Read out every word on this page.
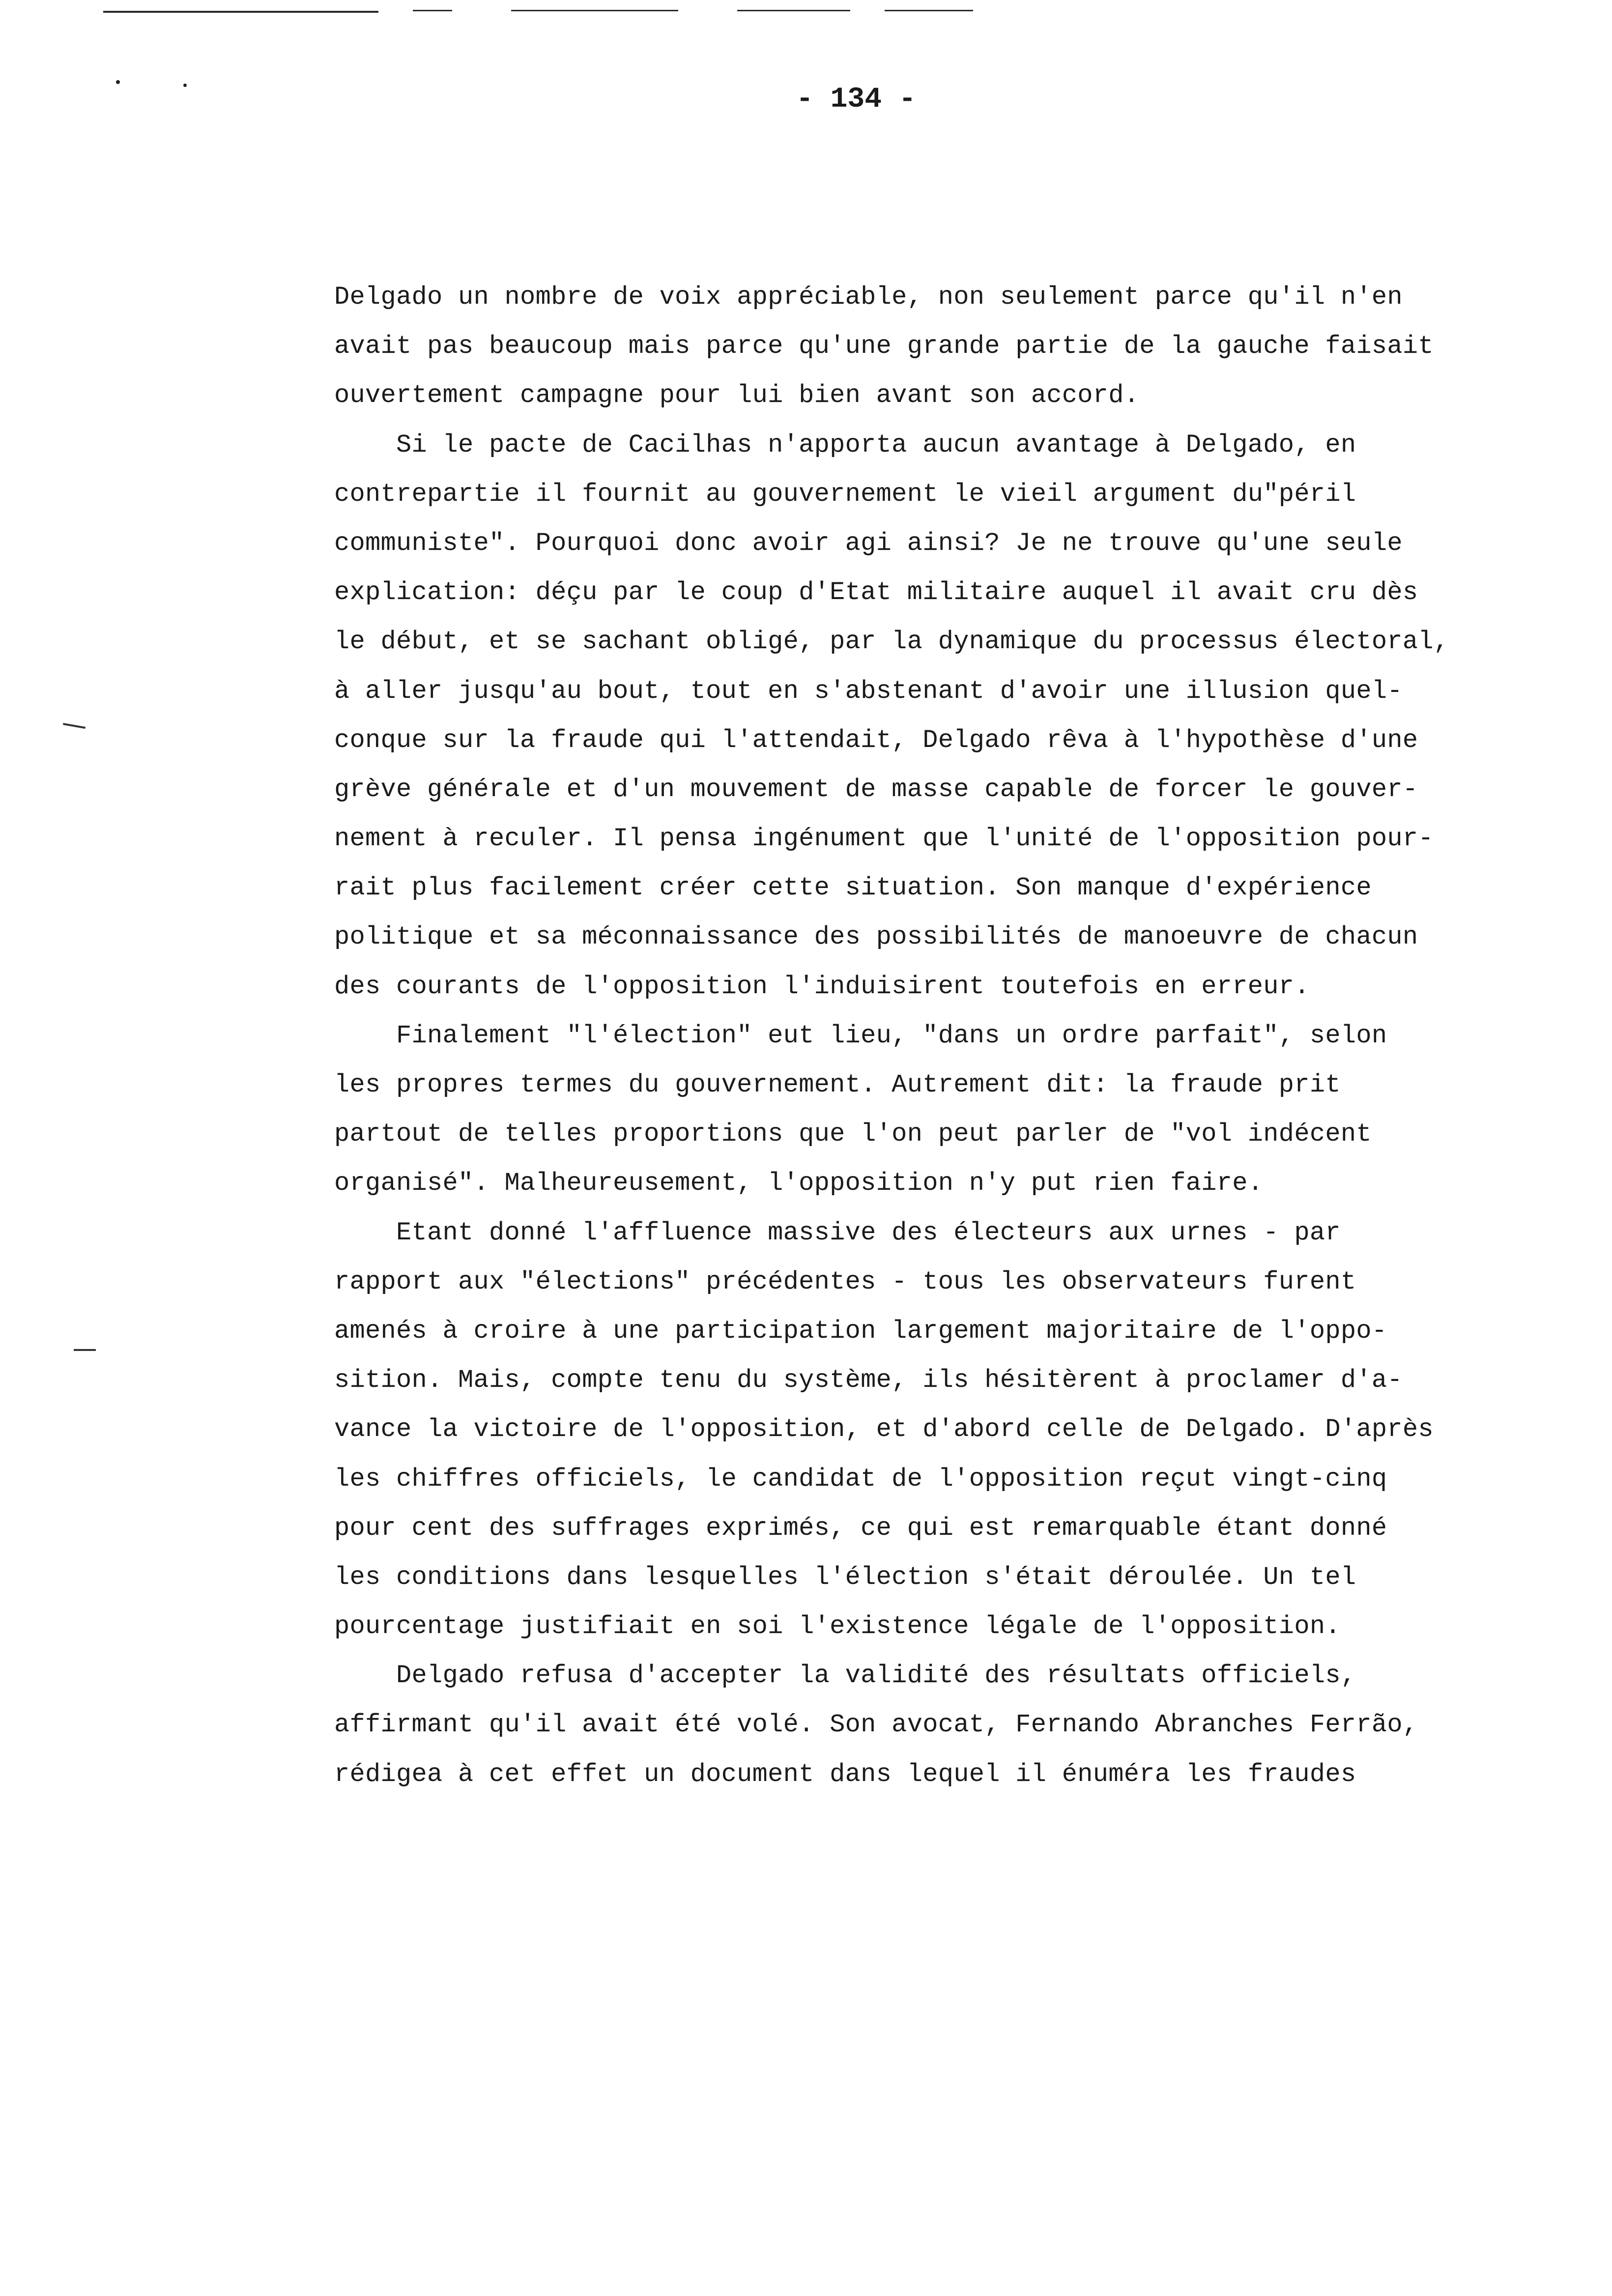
- 134 -
Delgado un nombre de voix appréciable, non seulement parce qu'il n'en
avait pas beaucoup mais parce qu'une grande partie de la gauche faisait
ouvertement campagne pour lui bien avant son accord.
Si le pacte de Cacilhas n'apporta aucun avantage à Delgado, en
contrepartie il fournit au gouvernement le vieil argument du"péril
communiste". Pourquoi donc avoir agi ainsi? Je ne trouve qu'une seule
explication: déçu par le coup d'Etat militaire auquel il avait cru dès
le début, et se sachant obligé, par la dynamique du processus électoral,
à aller jusqu'au bout, tout en s'abstenant d'avoir une illusion quel-
conque sur la fraude qui l'attendait, Delgado rêva à l'hypothèse d'une
grève générale et d'un mouvement de masse capable de forcer le gouver-
nement à reculer. Il pensa ingénument que l'unité de l'opposition pour-
rait plus facilement créer cette situation. Son manque d'expérience
politique et sa méconnaissance des possibilités de manoeuvre de chacun
des courants de l'opposition l'induisirent toutefois en erreur.
Finalement "l'élection" eut lieu, "dans un ordre parfait", selon
les propres termes du gouvernement. Autrement dit: la fraude prit
partout de telles proportions que l'on peut parler de "vol indécent
organisé". Malheureusement, l'opposition n'y put rien faire.
Etant donné l'affluence massive des électeurs aux urnes - par
rapport aux "élections" précédentes - tous les observateurs furent
amenés à croire à une participation largement majoritaire de l'oppo-
sition. Mais, compte tenu du système, ils hésitèrent à proclamer d'a-
vance la victoire de l'opposition, et d'abord celle de Delgado. D'après
les chiffres officiels, le candidat de l'opposition reçut vingt-cinq
pour cent des suffrages exprimés, ce qui est remarquable étant donné
les conditions dans lesquelles l'élection s'était déroulée. Un tel
pourcentage justifiait en soi l'existence légale de l'opposition.
Delgado refusa d'accepter la validité des résultats officiels,
affirmant qu'il avait été volé. Son avocat, Fernando Abranches Ferrão,
rédigea à cet effet un document dans lequel il énuméra les fraudes
